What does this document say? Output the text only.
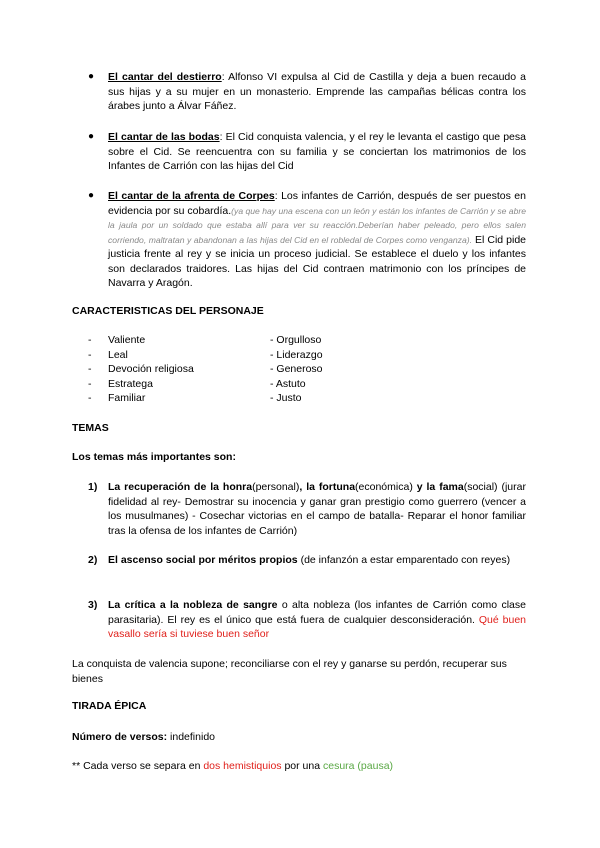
● El cantar del destierro: Alfonso VI expulsa al Cid de Castilla y deja a buen recaudo a sus hijas y a su mujer en un monasterio. Emprende las campañas bélicas contra los árabes junto a Álvar Fáñez.
● El cantar de las bodas: El Cid conquista valencia, y el rey le levanta el castigo que pesa sobre el Cid. Se reencuentra con su familia y se conciertan los matrimonios de los Infantes de Carrión con las hijas del Cid
● El cantar de la afrenta de Corpes: Los infantes de Carrión, después de ser puestos en evidencia por su cobardía.(ya que hay una escena con un león y están los infantes de Carrión y se abre la jaula por un soldado que estaba allí para ver su reacción.Deberían haber peleado, pero ellos salen corriendo, maltratan y abandonan a las hijas del Cid en el robledal de Corpes como venganza). El Cid pide justicia frente al rey y se inicia un proceso judicial. Se establece el duelo y los infantes son declarados traidores. Las hijas del Cid contraen matrimonio con los príncipes de Navarra y Aragón.
CARACTERISTICAS DEL PERSONAJE
- Valiente	- Orgulloso
- Leal	- Liderazgo
- Devoción religiosa	- Generoso
- Estratega	- Astuto
- Familiar	- Justo
TEMAS
Los temas más importantes son:
1) La recuperación de la honra(personal), la fortuna(económica) y la fama(social) (jurar fidelidad al rey- Demostrar su inocencia y ganar gran prestigio como guerrero (vencer a los musulmanes) - Cosechar victorias en el campo de batalla- Reparar el honor familiar tras la ofensa de los infantes de Carrión)
2) El ascenso social por méritos propios (de infanzón a estar emparentado con reyes)
3) La crítica a la nobleza de sangre o alta nobleza (los infantes de Carrión como clase parasitaria). El rey es el único que está fuera de cualquier desconsideración. Qué buen vasallo sería si tuviese buen señor
La conquista de valencia supone; reconciliarse con el rey y ganarse su perdón, recuperar sus bienes
TIRADA ÉPICA
Número de versos: indefinido
** Cada verso se separa en dos hemistiquios por una cesura (pausa)
